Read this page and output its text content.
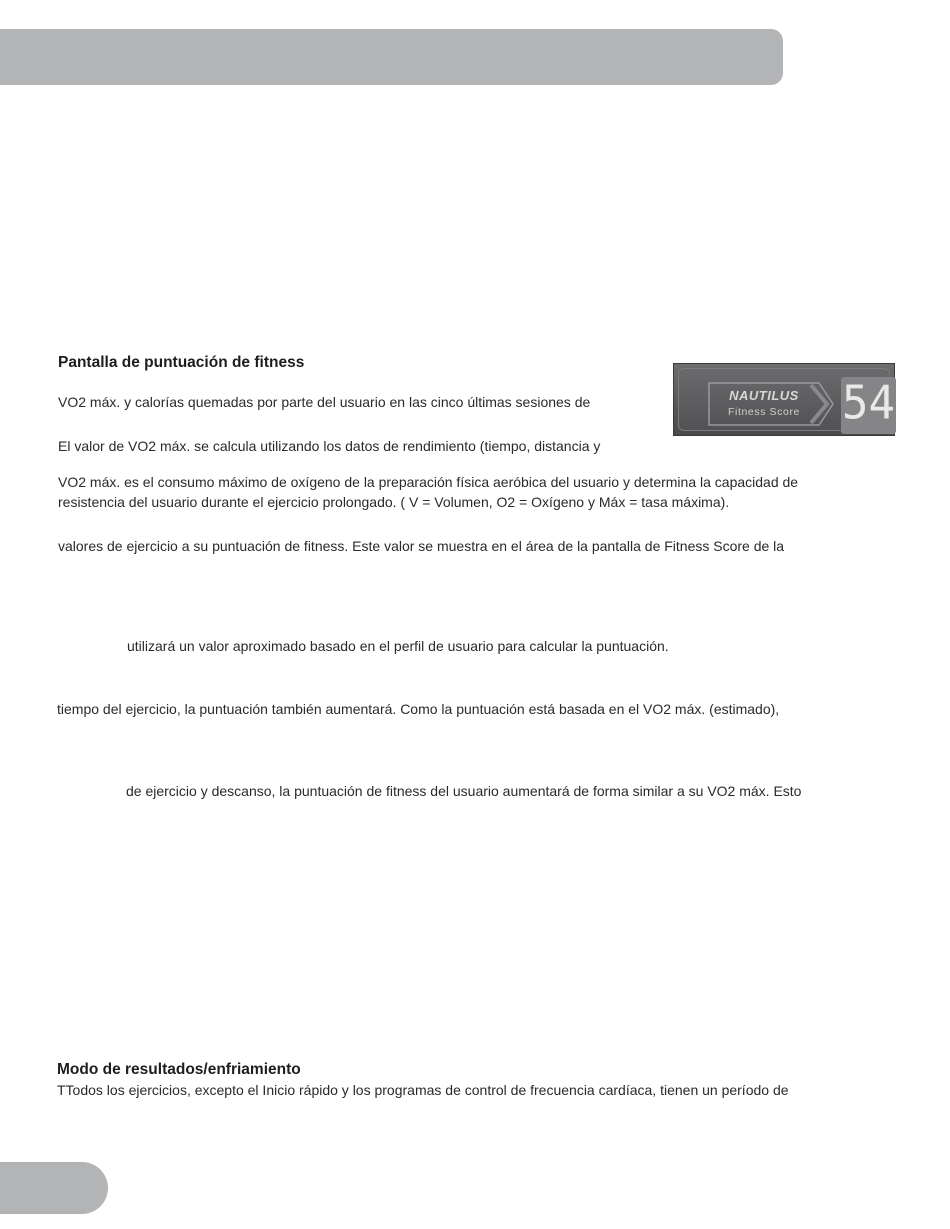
Pantalla de puntuación de fitness
VO2 máx. y calorías quemadas por parte del usuario en las cinco últimas sesiones de
El valor de VO2 máx. se calcula utilizando los datos de rendimiento (tiempo, distancia y
VO2 máx. es el consumo máximo de oxígeno de la preparación física aeróbica del usuario y determina la capacidad de
resistencia del usuario durante el ejercicio prolongado. ( V = Volumen, O2 = Oxígeno y Máx = tasa máxima).
valores de ejercicio a su puntuación de fitness. Este valor se muestra en el área de la pantalla de Fitness Score de la
utilizará un valor aproximado basado en el perfil de usuario para calcular la puntuación.
tiempo del ejercicio, la puntuación también aumentará. Como la puntuación está basada en el VO2 máx. (estimado),
de ejercicio y descanso, la puntuación de fitness del usuario aumentará de forma similar a su VO2 máx. Esto
NAUTILUS
Fitness Score 54
Modo de resultados/enfriamiento
TTodos los ejercicios, excepto el Inicio rápido y los programas de control de frecuencia cardíaca, tienen un período de
